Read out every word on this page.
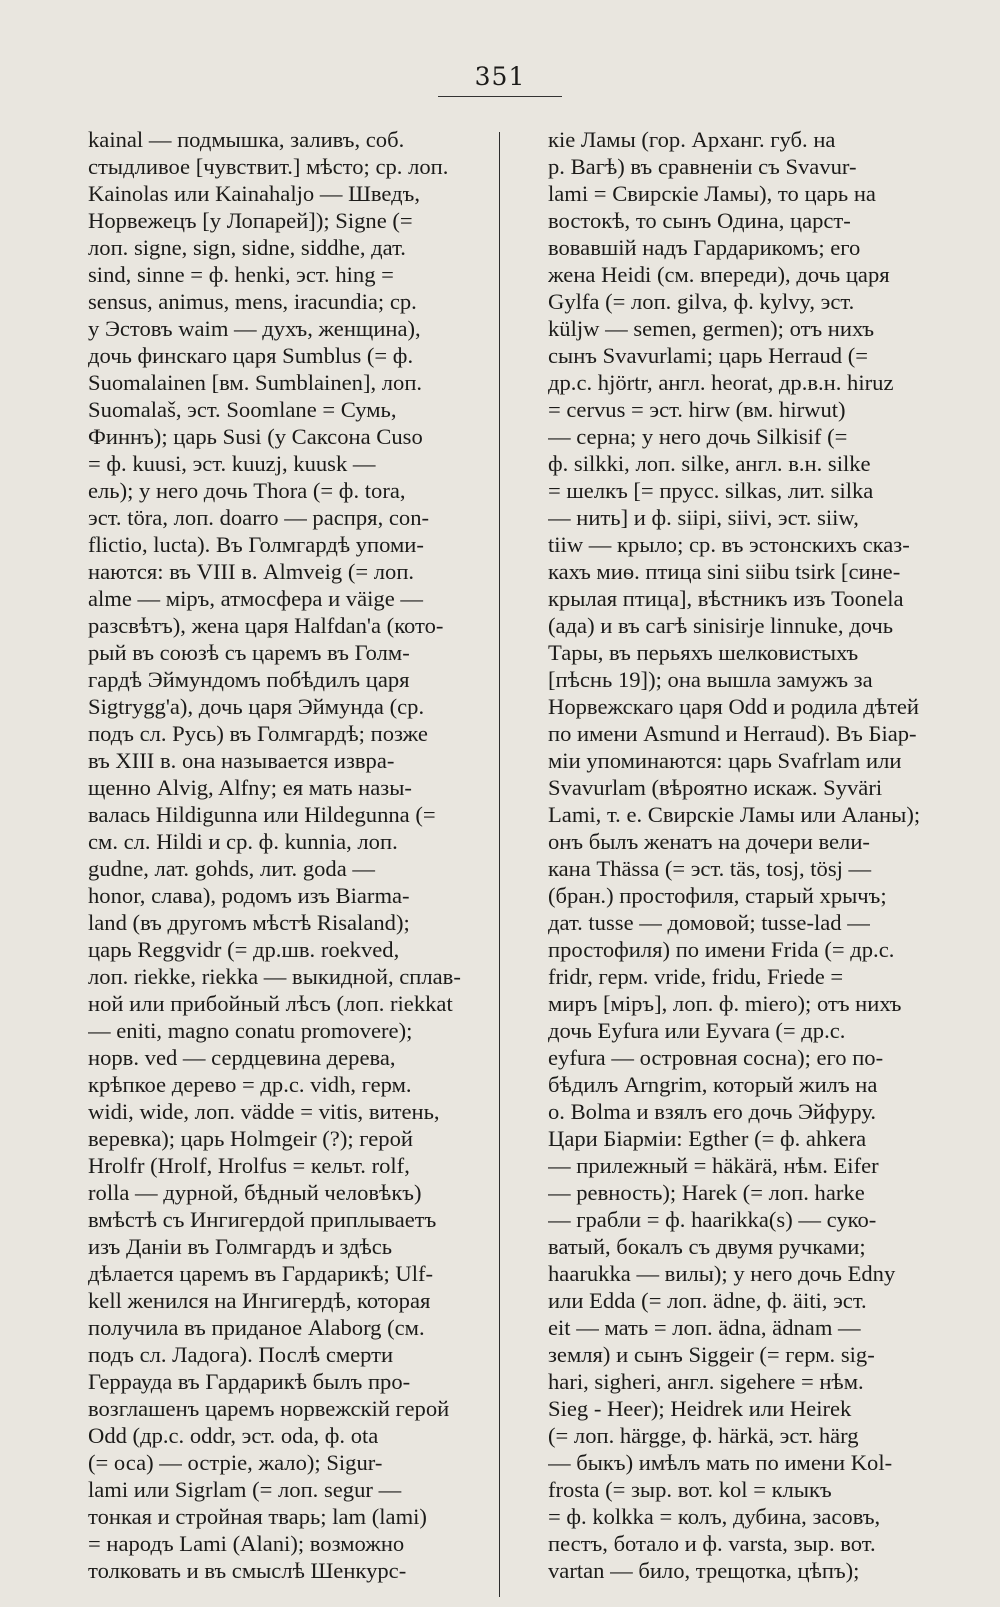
351
kainal — подмышка, заливъ, соб.
стыдливое [чувствит.] мѣсто; ср. лоп.
Kainolas или Kainahaljo — Шведъ,
Норвежецъ [у Лопарей]); Signe (=
лоп. signe, sign, sidne, siddhe, дат.
sind, sinne = ф. henki, эст. hing =
sensus, animus, mens, iracundia; ср.
у Эстовъ waim — духъ, женщина),
дочь финскаго царя Sumblus (= ф.
Suomalainen [вм. Sumblainen], лоп.
Suomalaš, эст. Soomlane = Сумь,
Финнъ); царь Susi (у Саксона Cuso
= ф. kuusi, эст. kuuzj, kuusk —
ель); у него дочь Thora (= ф. tora,
эст. töra, лоп. doarro — распря, con-
flictio, lucta). Въ Голмгардѣ упоми-
наются: въ VIII в. Almveig (= лоп.
alme — міръ, атмосфера и väige —
разсвѣтъ), жена царя Halfdan'a (кото-
рый въ союзѣ съ царемъ въ Голм-
гардѣ Эймундомъ побѣдилъ царя
Sigtrygg'a), дочь царя Эймунда (ср.
подъ сл. Русь) въ Голмгардѣ; позже
въ XIII в. она называется извра-
щенно Alvig, Alfny; ея мать назы-
валась Hildigunna или Hildegunna (=
см. сл. Hildi и ср. ф. kunnia, лоп.
gudne, лат. gohds, лит. goda —
honor, слава), родомъ изъ Biarma-
land (въ другомъ мѣстѣ Risaland);
царь Reggvidr (= др.шв. roekved,
лоп. riekke, riekka — выкидной, сплав-
ной или прибойный лѣсъ (лоп. riekkat
— eniti, magno conatu promovere);
норв. ved — сердцевина дерева,
крѣпкое дерево = др.с. vidh, герм.
widi, wide, лоп. vädde = vitis, витень,
веревка); царь Holmgeir (?); герой
Hrolfr (Hrolf, Hrolfus = кельт. rolf,
rolla — дурной, бѣдный человѣкъ)
вмѣстѣ съ Ингигердой приплываетъ
изъ Даніи въ Голмгардъ и здѣсь
дѣлается царемъ въ Гардарикѣ; Ulf-
kell женился на Ингигердѣ, которая
получила въ приданое Alaborg (см.
подъ сл. Ладога). Послѣ смерти
Герраудa въ Гардарикѣ былъ про-
возглашенъ царемъ норвежскій герой
Odd (др.с. oddr, эст. oda, ф. ota
(= оса) — остріе, жало); Sigur-
lami или Sigrlam (= лоп. segur —
тонкая и стройная тварь; lam (lami)
= народъ Lami (Alani); возможно
толковать и въ смыслѣ Шенкурс-
кіе Ламы (гор. Арханг. губ. на
р. Вагѣ) въ сравненіи съ Svavur-
lami = Свирскіе Ламы), то царь на
востокѣ, то сынъ Одина, царст-
вовавшій надъ Гардарикомъ; его
жена Heidi (см. впереди), дочь царя
Gylfa (= лоп. gilva, ф. kylvy, эст.
küljw — semen, germen); отъ нихъ
сынъ Svavurlami; царь Herraud (=
др.с. hjörtr, англ. heorat, др.в.н. hiruz
= cervus = эст. hirw (вм. hirwut)
— серна; у него дочь Silkisif (=
ф. silkki, лоп. silke, англ. в.н. silke
= шелкъ [= прусс. silkas, лит. silka
— нить] и ф. siipi, siivi, эст. siiw,
tiiw — крыло; ср. въ эстонскихъ сказ-
кахъ миѳ. птица sini siibu tsirk [сине-
крылая птица], вѣстникъ изъ Toonela
(ада) и въ сагѣ sinisirje linnuke, дочь
Тары, въ перьяхъ шелковистыхъ
[пѣснь 19]); она вышла замужъ за
Норвежскаго царя Odd и родила дѣтей
по имени Asmund и Herraud). Въ Біар-
міи упоминаются: царь Svafrlam или
Svavurlam (вѣроятно искаж. Syväri
Lami, т. е. Свирскіе Ламы или Аланы);
онъ былъ женатъ на дочери вели-
кана Thässa (= эст. täs, tosj, tösj —
(бран.) простофиля, старый хрычъ;
дат. tusse — домовой; tusse-lad —
простофиля) по имени Frida (= др.с.
fridr, герм. vride, fridu, Friede =
миръ [міръ], лоп. ф. miero); отъ нихъ
дочь Eyfura или Eyvara (= др.с.
eyfura — островная сосна); его по-
бѣдилъ Arngrim, который жилъ на
о. Bolma и взялъ его дочь Эйфуру.
Цари Біарміи: Egther (= ф. ahkera
— прилежный = häkärä, нѣм. Eifer
— ревность); Harek (= лоп. harke
— грабли = ф. haarikka(s) — суко-
ватый, бокалъ съ двумя ручками;
haarukka — вилы); у него дочь Edny
или Edda (= лоп. ädne, ф. äiti, эст.
eit — мать = лоп. ädna, ädnam —
земля) и сынъ Siggeir (= герм. sig-
hari, sigheri, англ. sigehere = нѣм.
Sieg - Heer); Heidrek или Heirek
(= лоп. härgge, ф. härkä, эст. härg
— быкъ) имѣлъ мать по имени Kol-
frosta (= зыр. вот. kol = клыкъ
= ф. kolkka = колъ, дубина, засовъ,
пестъ, ботало и ф. varsta, зыр. вот.
vartan — било, трещотка, цѣпъ);
